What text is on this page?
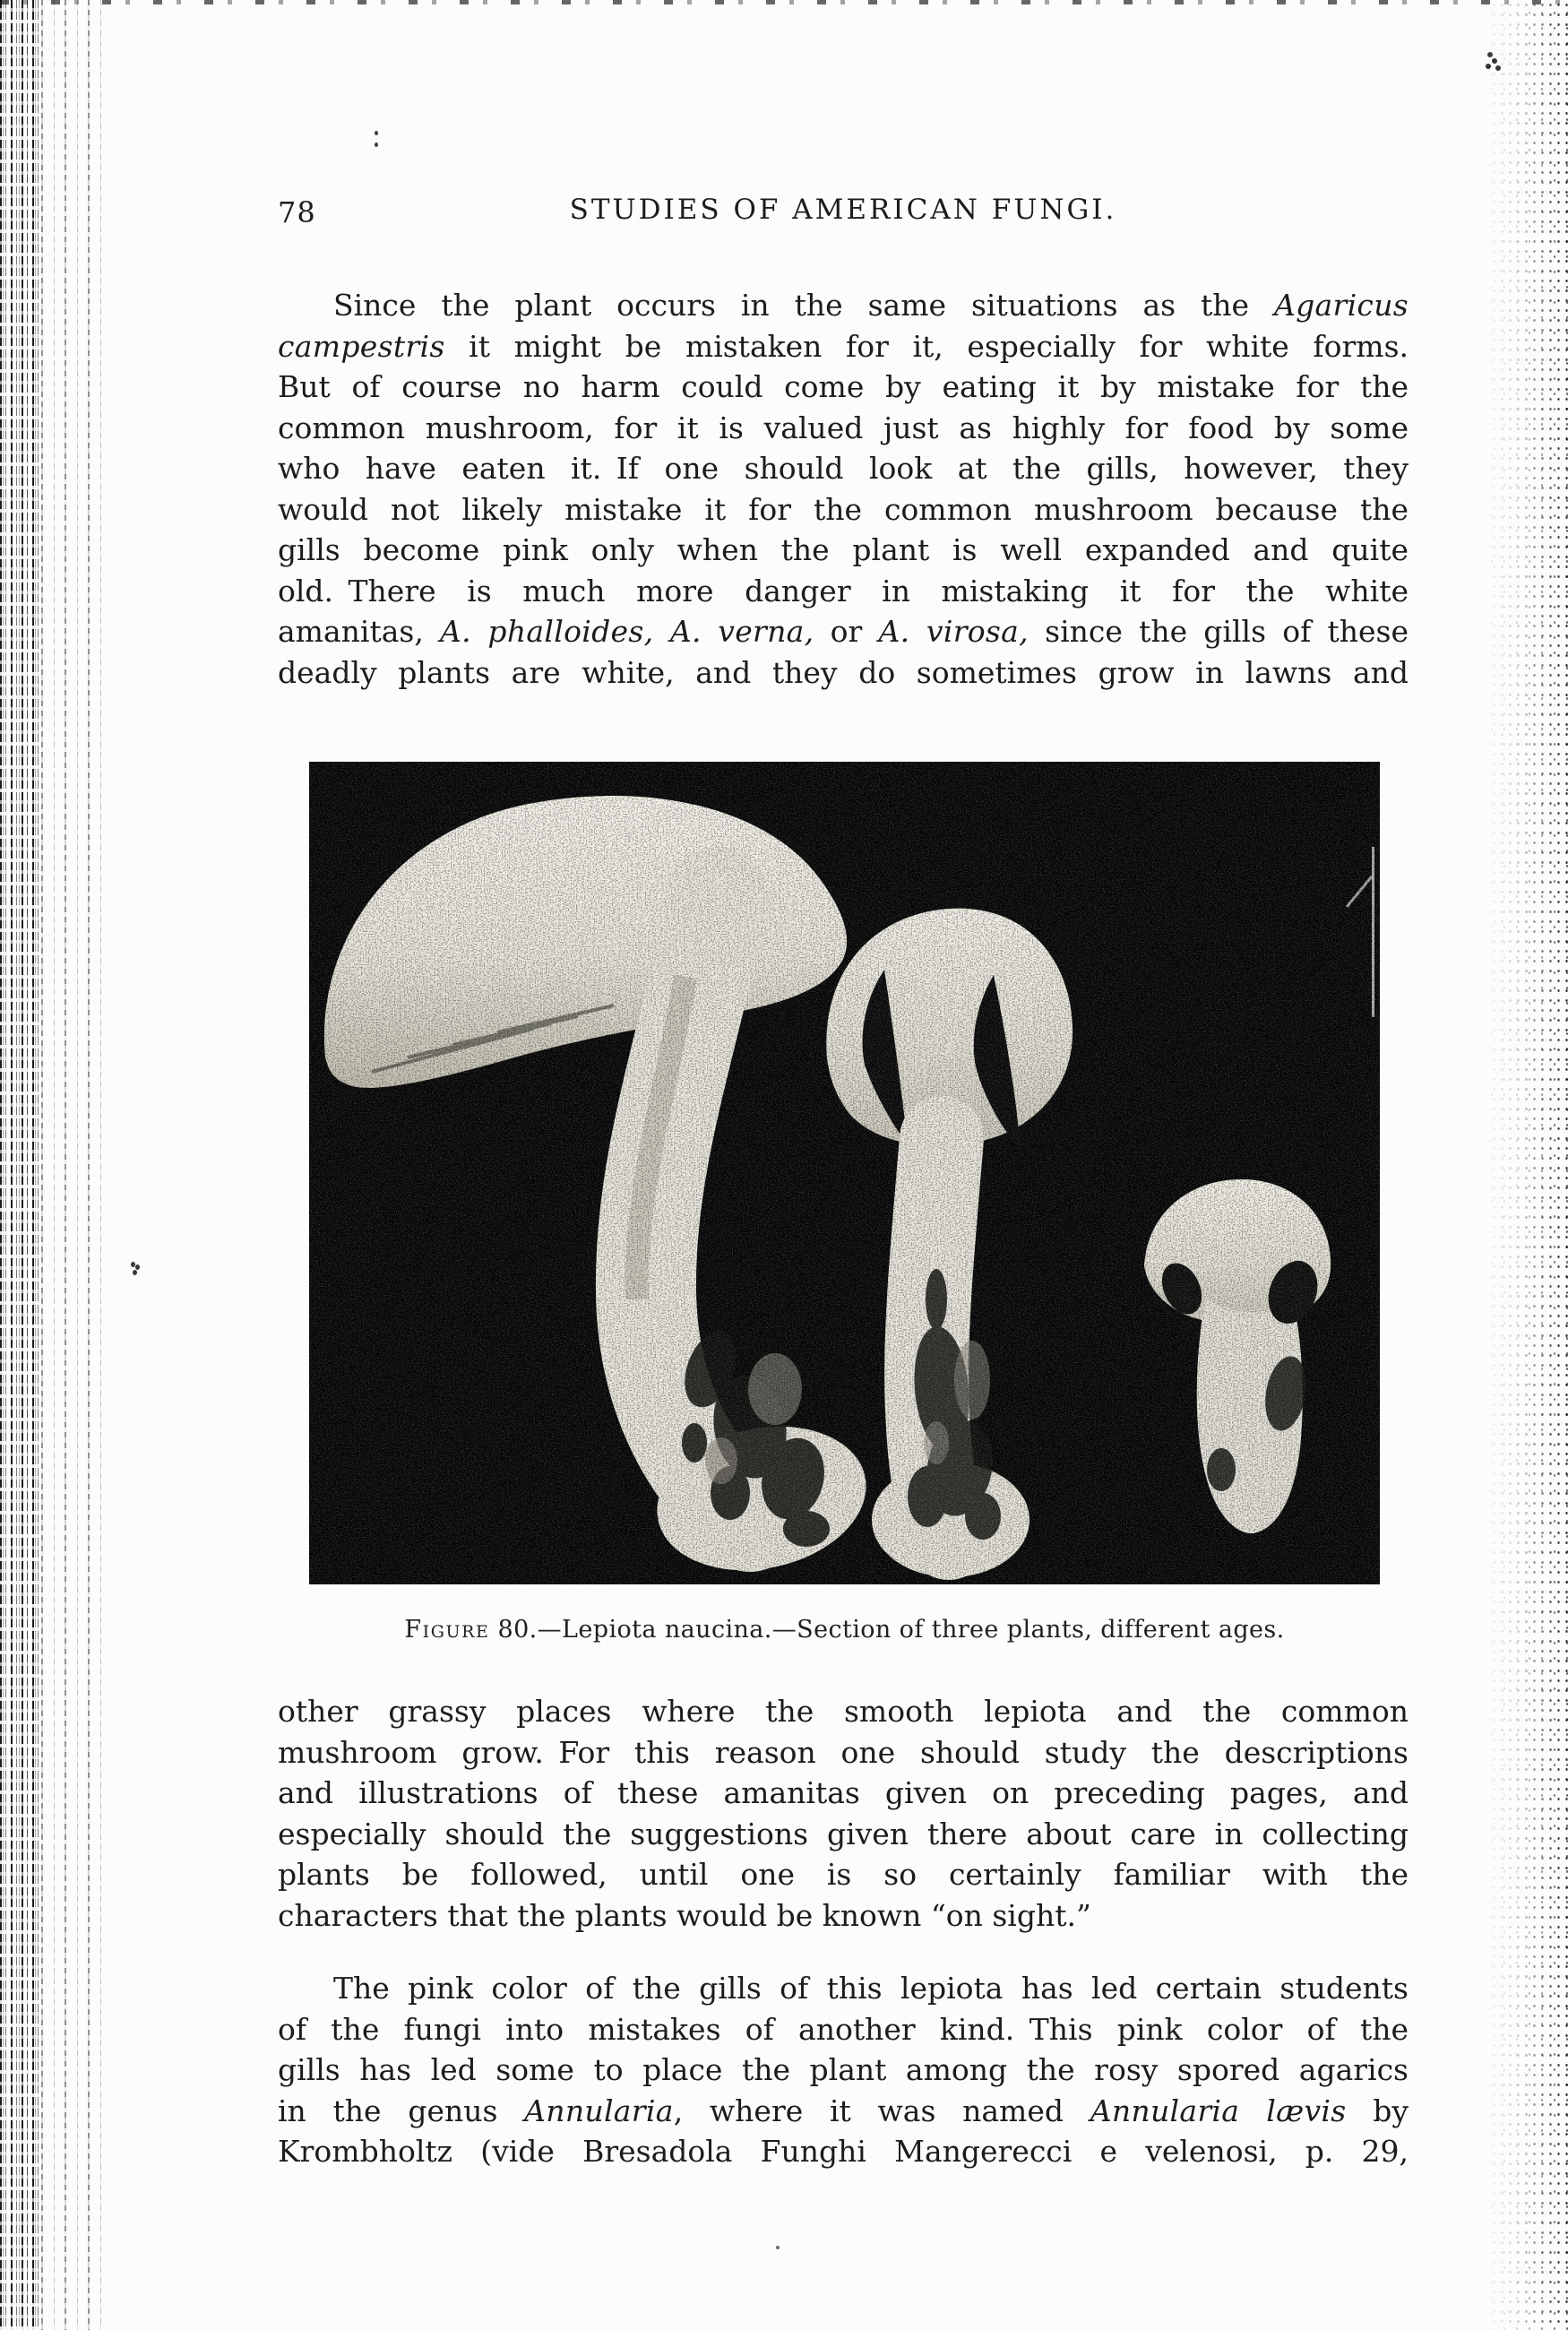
78	STUDIES OF AMERICAN FUNGI.
Since the plant occurs in the same situations as the Agaricus
campestris it might be mistaken for it, especially for white forms.
But of course no harm could come by eating it by mistake for the
common mushroom, for it is valued just as highly for food by some
who have eaten it. If one should look at the gills, however, they
would not likely mistake it for the common mushroom because the
gills become pink only when the plant is well expanded and quite
old. There is much more danger in mistaking it for the white
amanitas, A. phalloides, A. verna, or A. virosa, since the gills of these
deadly plants are white, and they do sometimes grow in lawns and
Figure 80.—Lepiota naucina.—Section of three plants, different ages.
other grassy places where the smooth lepiota and the common
mushroom grow. For this reason one should study the descriptions
and illustrations of these amanitas given on preceding pages, and
especially should the suggestions given there about care in collecting
plants be followed, until one is so certainly familiar with the
characters that the plants would be known “on sight.”
The pink color of the gills of this lepiota has led certain students
of the fungi into mistakes of another kind. This pink color of the
gills has led some to place the plant among the rosy spored agarics
in the genus Annularia, where it was named Annularia lævis by
Krombholtz (vide Bresadola Funghi Mangerecci e velenosi, p. 29,
